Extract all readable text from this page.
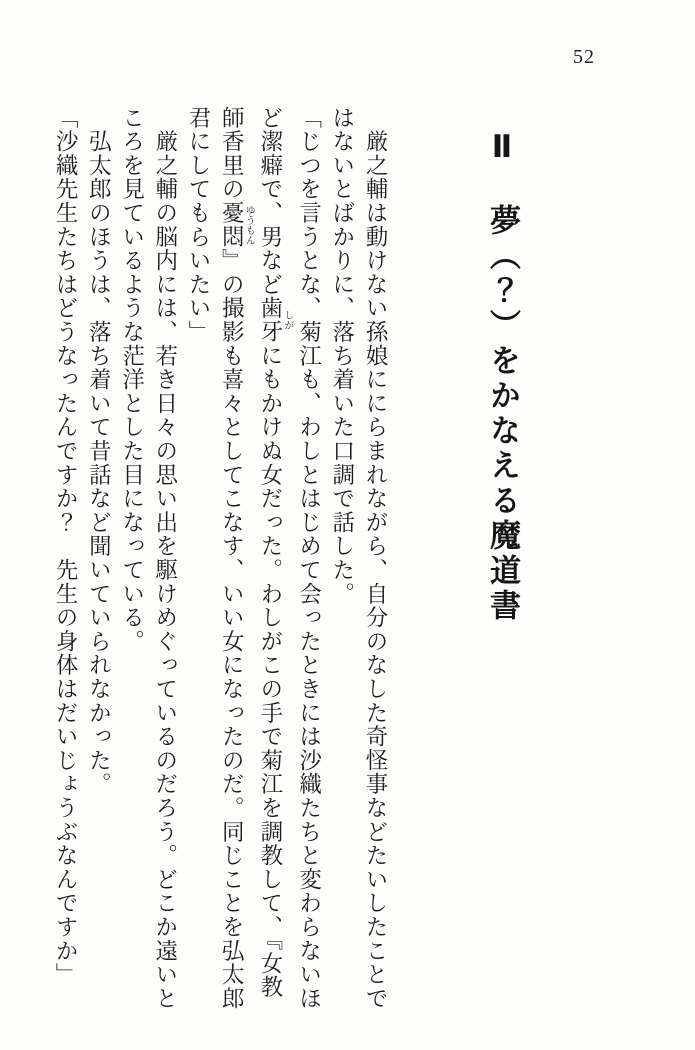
52
Ⅱ　夢（？）をかなえる魔道書
　厳之輔は動けない孫娘ににらまれながら、自分のなした奇怪事などたいしたことで
はないとばかりに、落ち着いた口調で話した。
「じつを言うとな、菊江も、わしとはじめて会ったときには沙織たちと変わらないほ
ど潔癖で、男など歯牙 しがにもかけぬ女だった。わしがこの手で菊江を調教して、『女教
師香里の憂悶 ゆうもん』の撮影も喜々としてこなす、いい女になったのだ。同じことを弘太郎
君にしてもらいたい」
　厳之輔の脳内には、若き日々の思い出を駆けめぐっているのだろう。どこか遠いと
ころを見ているような茫洋とした目になっている。
　弘太郎のほうは、落ち着いて昔話など聞いていられなかった。
「沙織先生たちはどうなったんですか？　先生の身体はだいじょうぶなんですか」
